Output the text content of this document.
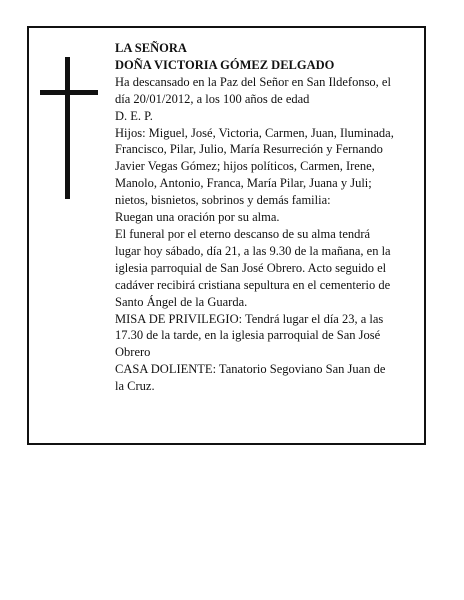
LA SEÑORA
DOÑA VICTORIA GÓMEZ DELGADO
Ha descansado en la Paz del Señor en San Ildefonso, el
día 20/01/2012, a los 100 años de edad
D. E. P.
Hijos: Miguel, José, Victoria, Carmen, Juan, Iluminada,
Francisco, Pilar, Julio, María Resurreción y Fernando
Javier Vegas Gómez; hijos políticos, Carmen, Irene,
Manolo, Antonio, Franca, María Pilar, Juana y Juli;
nietos, bisnietos, sobrinos y demás familia:
Ruegan una oración por su alma.
El funeral por el eterno descanso de su alma tendrá
lugar hoy sábado, día 21, a las 9.30 de la mañana, en la
iglesia parroquial de San José Obrero. Acto seguido el
cadáver recibirá cristiana sepultura en el cementerio de
Santo Ángel de la Guarda.
MISA DE PRIVILEGIO: Tendrá lugar el día 23, a las
17.30 de la tarde, en la iglesia parroquial de San José
Obrero
CASA DOLIENTE: Tanatorio Segoviano San Juan de
la Cruz.
